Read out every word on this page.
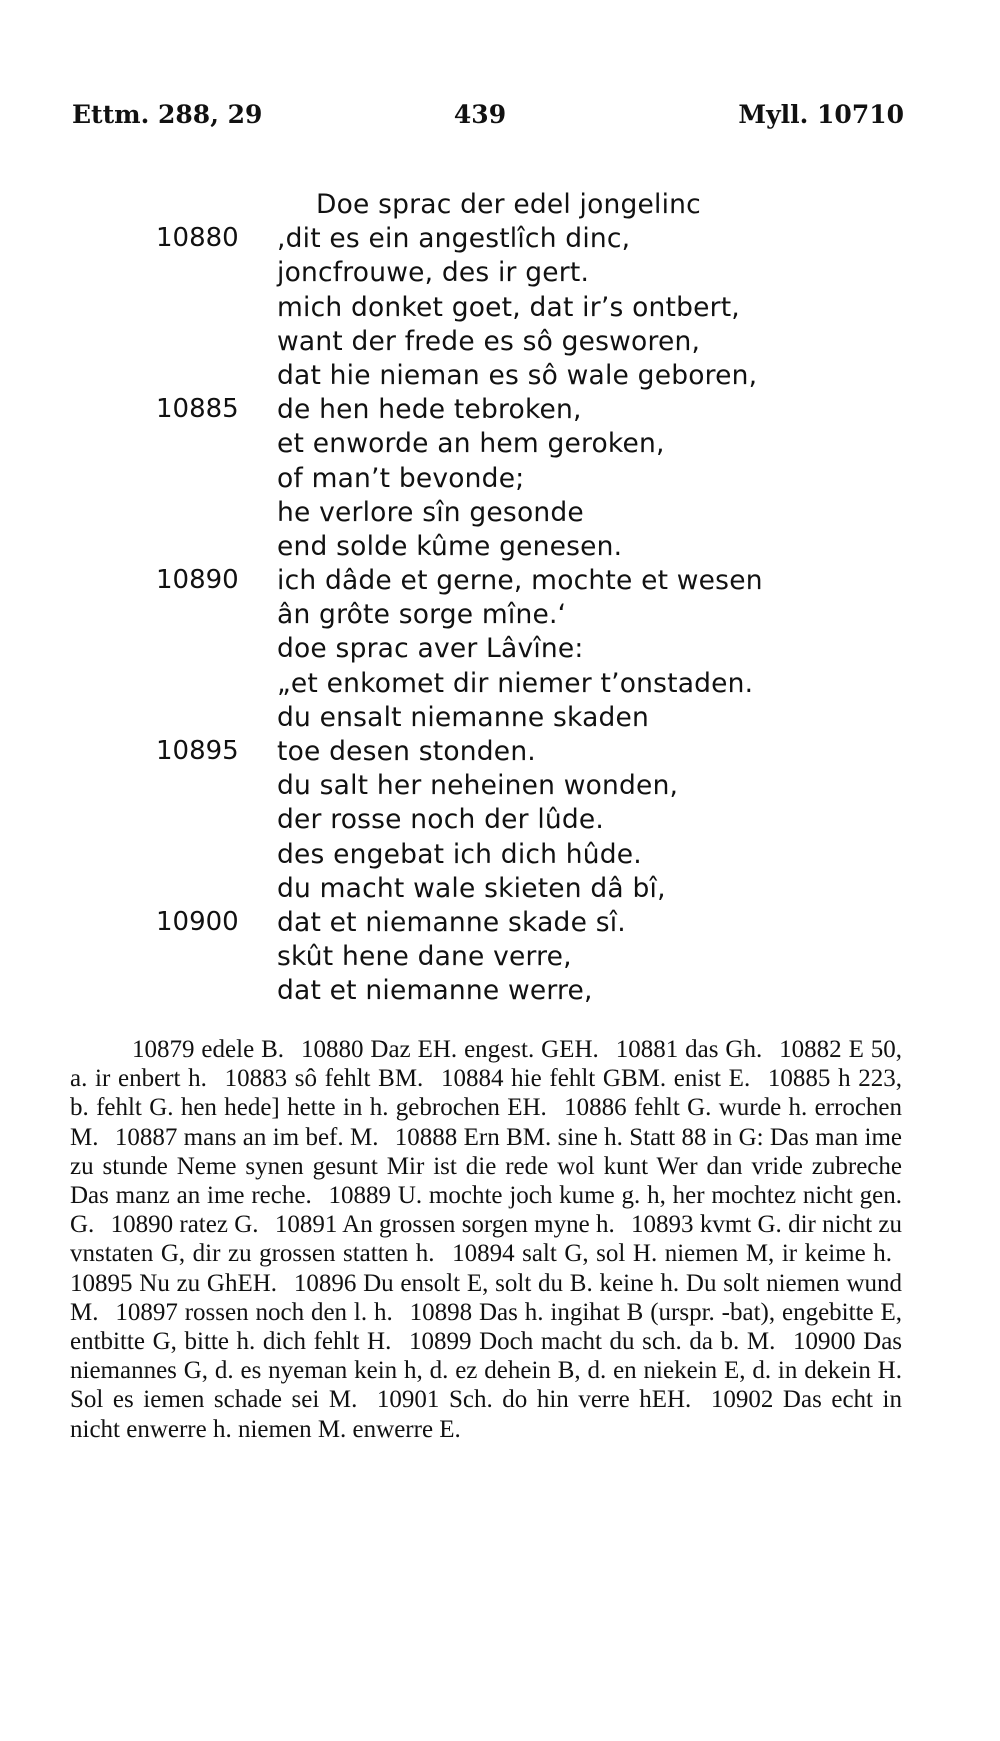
Ettm. 288, 29	439	Myll. 10710
Doe sprac der edel jongelinc
10880 ,dit es ein angestlîch dinc,
joncfrouwe, des ir gert.
mich donket goet, dat ir’s ontbert,
want der frede es sô gesworen,
dat hie nieman es sô wale geboren,
10885 de hen hede tebroken,
et enworde an hem geroken,
of man’t bevonde;
he verlore sîn gesonde
end solde kûme genesen.
10890 ich dâde et gerne, mochte et wesen
ân grôte sorge mîne.‘
doe sprac aver Lâvîne:
„et enkomet dir niemer t’onstaden.
du ensalt niemanne skaden
10895 toe desen stonden.
du salt her neheinen wonden,
der rosse noch der lûde.
des engebat ich dich hûde.
du macht wale skieten dâ bî,
10900 dat et niemanne skade sî.
skût hene dane verre,
dat et niemanne werre,
10879 edele B. 10880 Daz EH. engest. GEH. 10881 das Gh. 10882 E 50, a. ir enbert h. 10883 sô fehlt BM. 10884 hie fehlt GBM. enist E. 10885 h 223, b. fehlt G. hen hede] hette in h. gebrochen EH. 10886 fehlt G. wurde h. errochen M. 10887 mans an im bef. M. 10888 Ern BM. sine h. Statt 88 in G: Das man ime zu stunde Neme synen gesunt Mir ist die rede wol kunt Wer dan vride zubreche Das manz an ime reche. 10889 U. mochte joch kume g. h, her mochtez nicht gen. G. 10890 ratez G. 10891 An grossen sorgen myne h. 10893 kvmt G. dir nicht zu vnstaten G, dir zu grossen statten h. 10894 salt G, sol H. niemen M, ir keime h. 10895 Nu zu GhEH. 10896 Du ensolt E, solt du B. keine h. Du solt niemen wund M. 10897 rossen noch den l. h. 10898 Das h. ingihat B (urspr. -bat), engebitte E, entbitte G, bitte h. dich fehlt H. 10899 Doch macht du sch. da b. M. 10900 Das niemannes G, d. es nyeman kein h, d. ez dehein B, d. en niekein E, d. in dekein H. Sol es iemen schade sei M. 10901 Sch. do hin verre hEH. 10902 Das echt in nicht enwerre h. niemen M. enwerre E.
